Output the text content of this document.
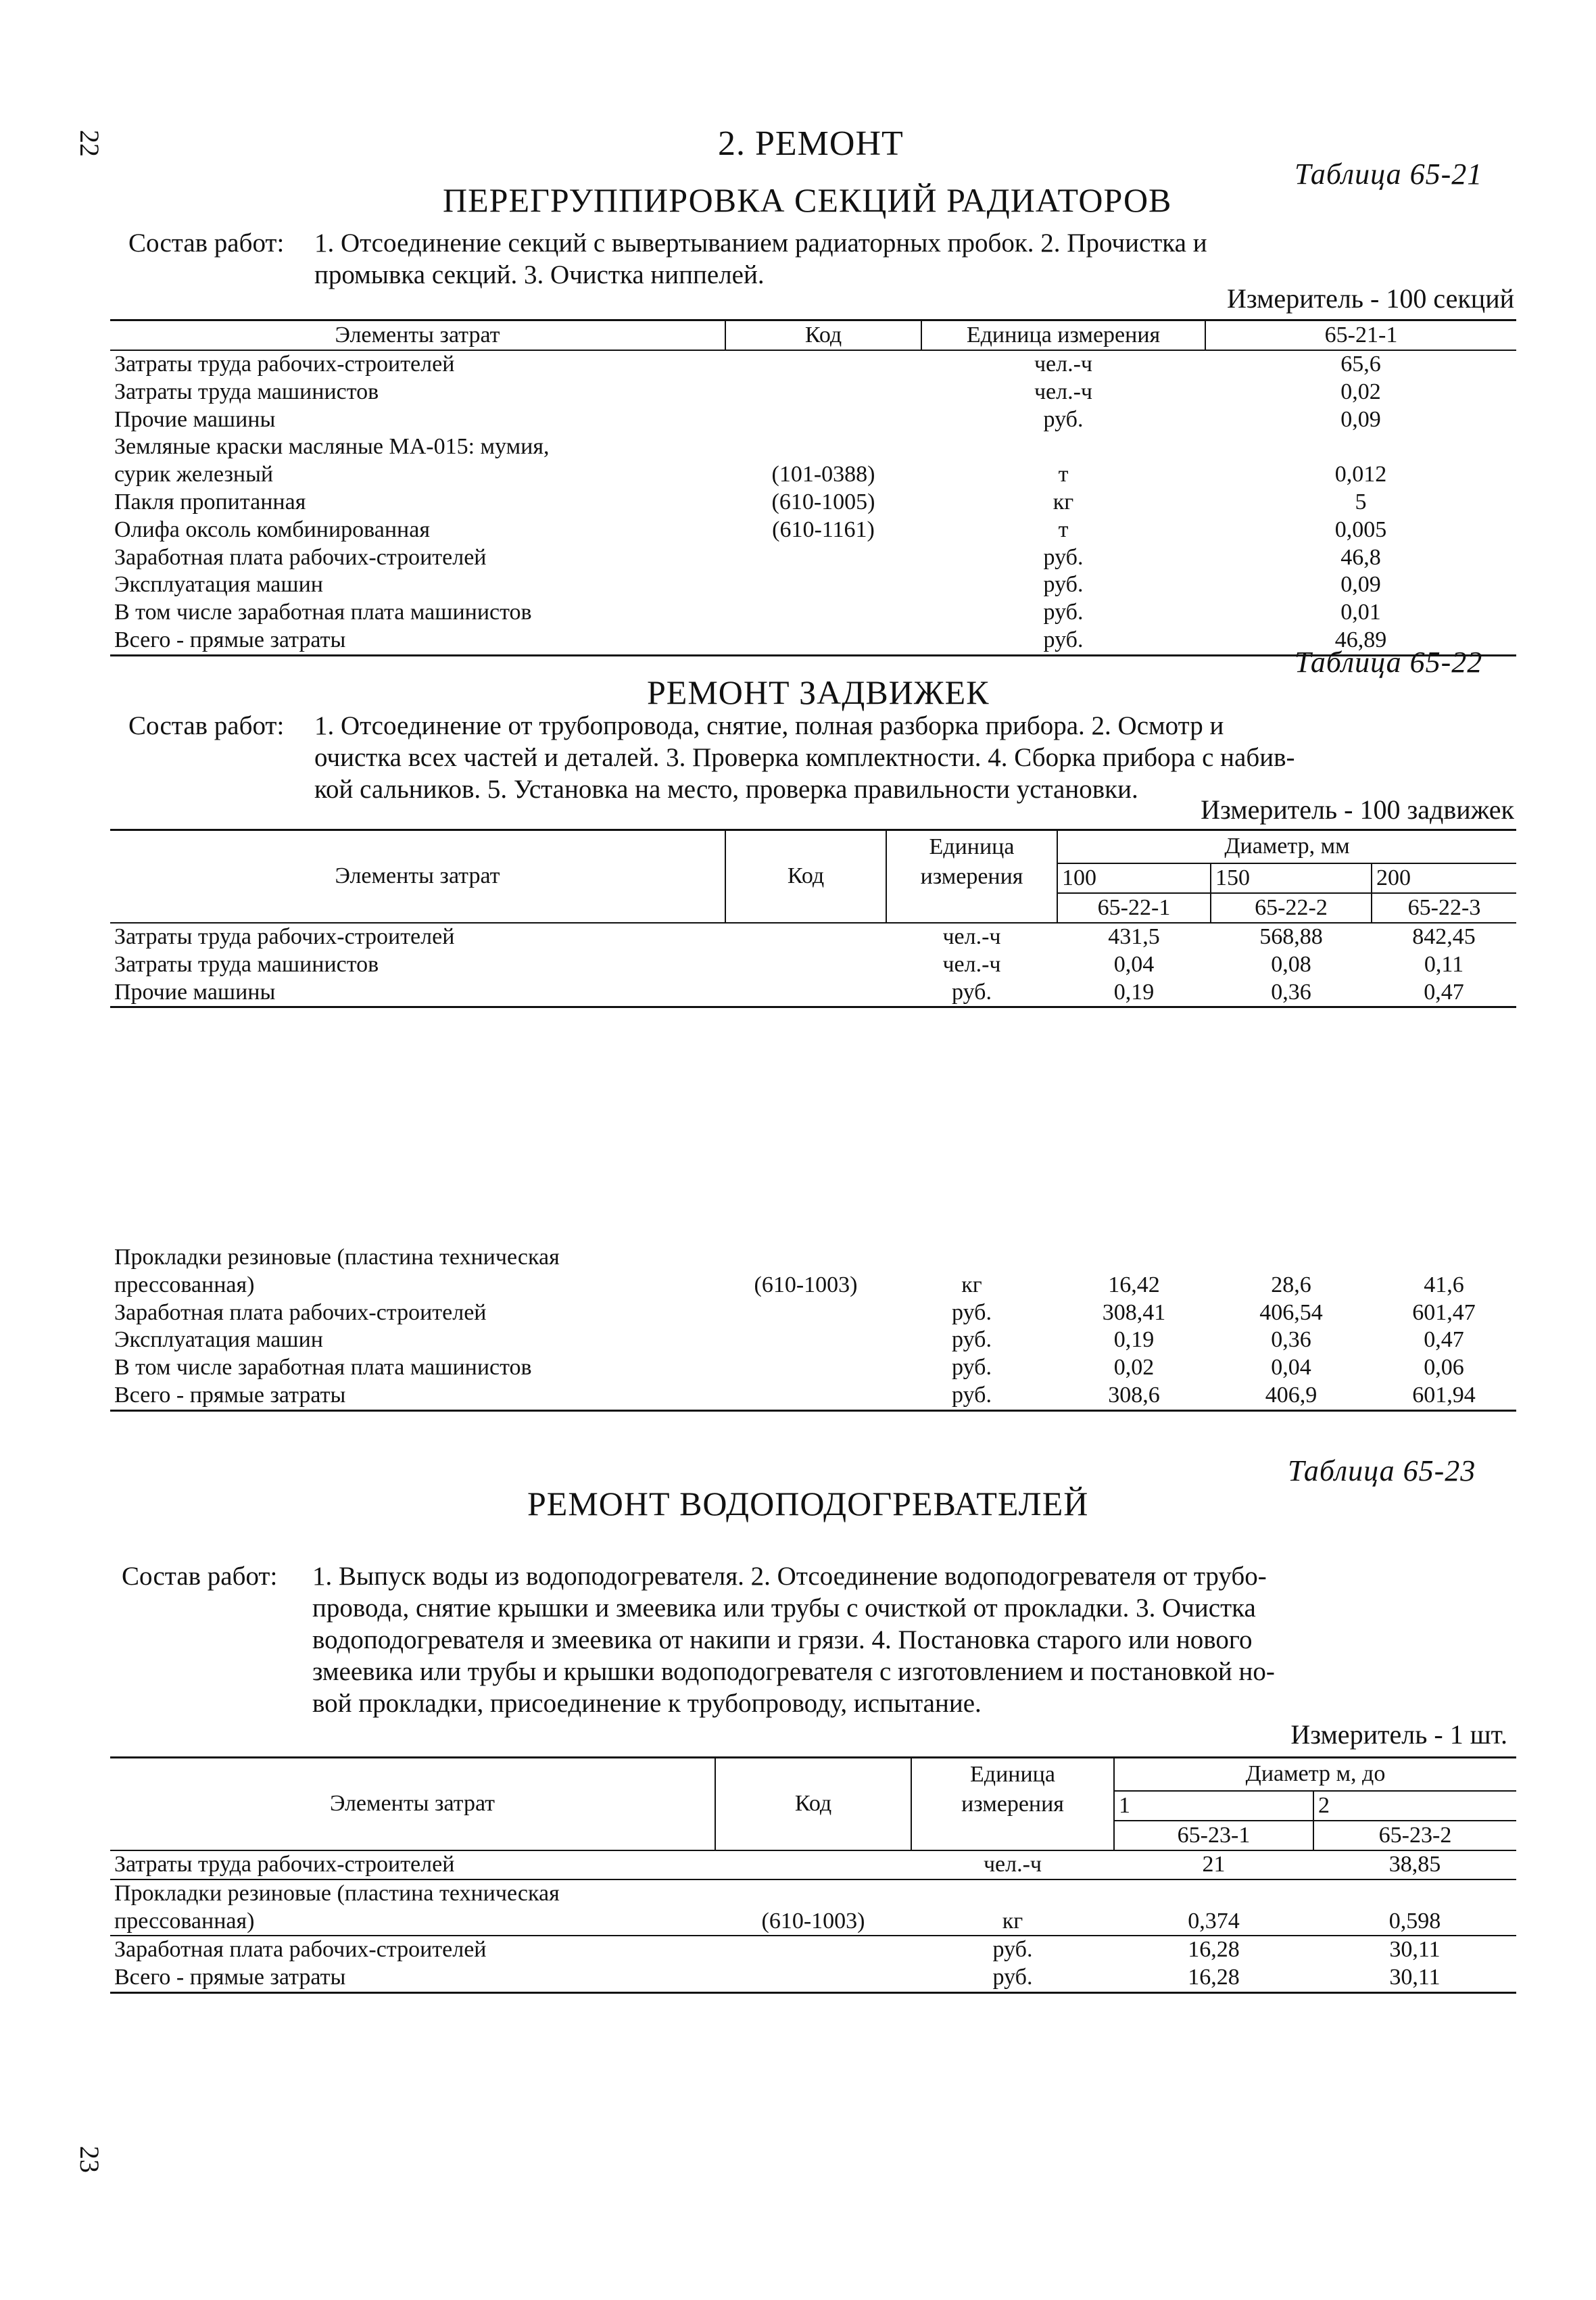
22
23
2. РЕМОНТ
Таблица 65-21
ПЕРЕГРУППИРОВКА СЕКЦИЙ РАДИАТОРОВ
Состав работ: 1. Отсоединение секций с вывертыванием радиаторных пробок. 2. Прочистка и
промывка секций. 3. Очистка ниппелей.
Измеритель - 100 секций
Элементы затрат	Код	Единица измерения	65-21-1
Затраты труда рабочих-строителей		чел.-ч	65,6
Затраты труда машинистов		чел.-ч	0,02
Прочие машины		руб.	0,09
Земляные краски масляные МА-015: мумия,			
сурик железный	(101-0388)	т	0,012
Пакля пропитанная	(610-1005)	кг	5
Олифа оксоль комбинированная	(610-1161)	т	0,005
Заработная плата рабочих-строителей		руб.	46,8
Эксплуатация машин		руб.	0,09
В том числе заработная плата машинистов		руб.	0,01
Всего - прямые затраты		руб.	46,89
Таблица 65-22
РЕМОНТ ЗАДВИЖЕК
Состав работ: 1. Отсоединение от трубопровода, снятие, полная разборка прибора. 2. Осмотр и
очистка всех частей и деталей. 3. Проверка комплектности. 4. Сборка прибора с набив-
кой сальников. 5. Установка на место, проверка правильности установки.
Измеритель - 100 задвижек
Элементы затрат	Код	Единица	Диаметр, мм		
		измерения	100	150	200
			65-22-1	65-22-2	65-22-3
Затраты труда рабочих-строителей		чел.-ч	431,5	568,88	842,45
Затраты труда машинистов		чел.-ч	0,04	0,08	0,11
Прочие машины		руб.	0,19	0,36	0,47
Прокладки резиновые (пластина техническая					
прессованная)	(610-1003)	кг	16,42	28,6	41,6
Заработная плата рабочих-строителей		руб.	308,41	406,54	601,47
Эксплуатация машин		руб.	0,19	0,36	0,47
В том числе заработная плата машинистов		руб.	0,02	0,04	0,06
Всего - прямые затраты		руб.	308,6	406,9	601,94
Таблица 65-23
РЕМОНТ ВОДОПОДОГРЕВАТЕЛЕЙ
Состав работ: 1. Выпуск воды из водоподогревателя. 2. Отсоединение водоподогревателя от трубо-
провода, снятие крышки и змеевика или трубы с очисткой от прокладки. 3. Очистка
водоподогревателя и змеевика от накипи и грязи. 4. Постановка старого или нового
змеевика или трубы и крышки водоподогревателя с изготовлением и постановкой но-
вой прокладки, присоединение к трубопроводу, испытание.
Измеритель - 1 шт.
Элементы затрат	Код	Единица	Диаметр м, до	
		измерения	1	2
			65-23-1	65-23-2
Затраты труда рабочих-строителей		чел.-ч	21	38,85
Прокладки резиновые (пластина техническая				
прессованная)	(610-1003)	кг	0,374	0,598
Заработная плата рабочих-строителей		руб.	16,28	30,11
Всего - прямые затраты		руб.	16,28	30,11
